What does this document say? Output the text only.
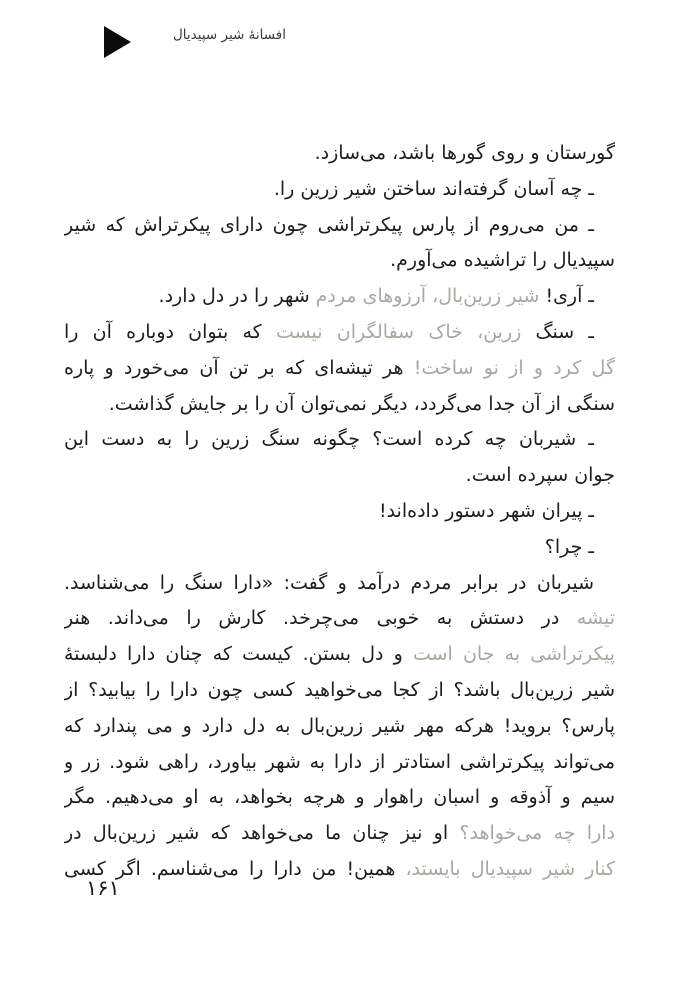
افسانهٔ شیر سپیدیال
گورستان و روی گورها باشد، می‌سازد.
ـ چه آسان گرفته‌اند ساختن شیر زرین را.
ـ من می‌روم از پارس پیکرتراشی چون دارای پیکرتراش که شیر
سپیدیال را تراشیده می‌آورم.
ـ آری! شیر زرین‌بال، آرزوهای مردم شهر را در دل دارد.
ـ سنگ زرین، خاک سفالگران نیست که بتوان دوباره آن را
گل کرد و از نو ساخت! هر تیشه‌ای که بر تن آن می‌خورد و پاره
سنگی از آن جدا می‌گردد، دیگر نمی‌توان آن را بر جایش گذاشت.
ـ شیربان چه کرده است؟ چگونه سنگ زرین را به دست این
جوان سپرده است.
ـ پیران شهر دستور داده‌اند!
ـ چرا؟
شیربان در برابر مردم درآمد و گفت: «دارا سنگ را می‌شناسد.
تیشه در دستش به خوبی می‌چرخد. کارش را می‌داند. هنر
پیکرتراشی به جان است و دل بستن. کیست که چنان دارا دلبستهٔ
شیر زرین‌بال باشد؟ از کجا می‌خواهید کسی چون دارا را بیابید؟ از
پارس؟ بروید! هرکه مهر شیر زرین‌بال به دل دارد و می پندارد که
می‌تواند پیکرتراشی استادتر از دارا به شهر بیاورد، راهی شود. زر و
سیم و آذوقه و اسبان راهوار و هرچه بخواهد، به او می‌دهیم. مگر
دارا چه می‌خواهد؟ او نیز چنان ما می‌خواهد که شیر زرین‌بال در
کنار شیر سپیدیال بایستد، همین! من دارا را می‌شناسم. اگر کسی
۱۶۱
